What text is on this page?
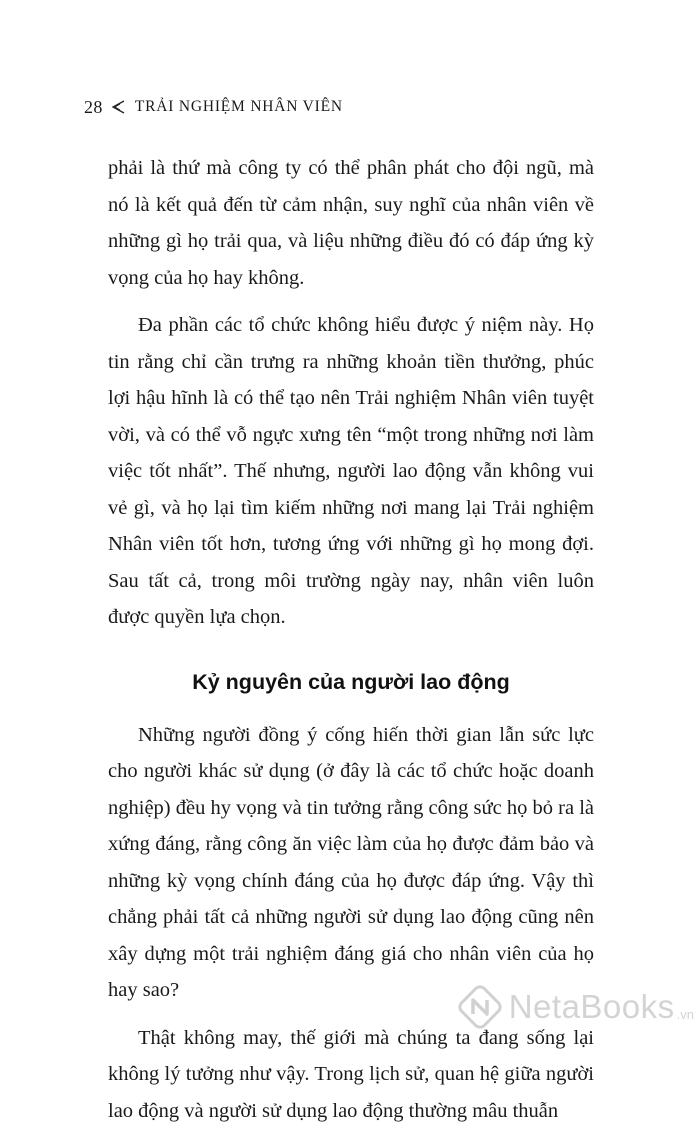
28 TRẢI NGHIỆM NHÂN VIÊN

phải là thứ mà công ty có thể phân phát cho đội ngũ, mà nó là kết quả đến từ cảm nhận, suy nghĩ của nhân viên về những gì họ trải qua, và liệu những điều đó có đáp ứng kỳ vọng của họ hay không.

Đa phần các tổ chức không hiểu được ý niệm này. Họ tin rằng chỉ cần trưng ra những khoản tiền thưởng, phúc lợi hậu hĩnh là có thể tạo nên Trải nghiệm Nhân viên tuyệt vời, và có thể vỗ ngực xưng tên “một trong những nơi làm việc tốt nhất”. Thế nhưng, người lao động vẫn không vui vẻ gì, và họ lại tìm kiếm những nơi mang lại Trải nghiệm Nhân viên tốt hơn, tương ứng với những gì họ mong đợi. Sau tất cả, trong môi trường ngày nay, nhân viên luôn được quyền lựa chọn.

Kỷ nguyên của người lao động

Những người đồng ý cống hiến thời gian lẫn sức lực cho người khác sử dụng (ở đây là các tổ chức hoặc doanh nghiệp) đều hy vọng và tin tưởng rằng công sức họ bỏ ra là xứng đáng, rằng công ăn việc làm của họ được đảm bảo và những kỳ vọng chính đáng của họ được đáp ứng. Vậy thì chẳng phải tất cả những người sử dụng lao động cũng nên xây dựng một trải nghiệm đáng giá cho nhân viên của họ hay sao?

Thật không may, thế giới mà chúng ta đang sống lại không lý tưởng như vậy. Trong lịch sử, quan hệ giữa người lao động và người sử dụng lao động thường mâu thuẫn

NetaBooks .vn
